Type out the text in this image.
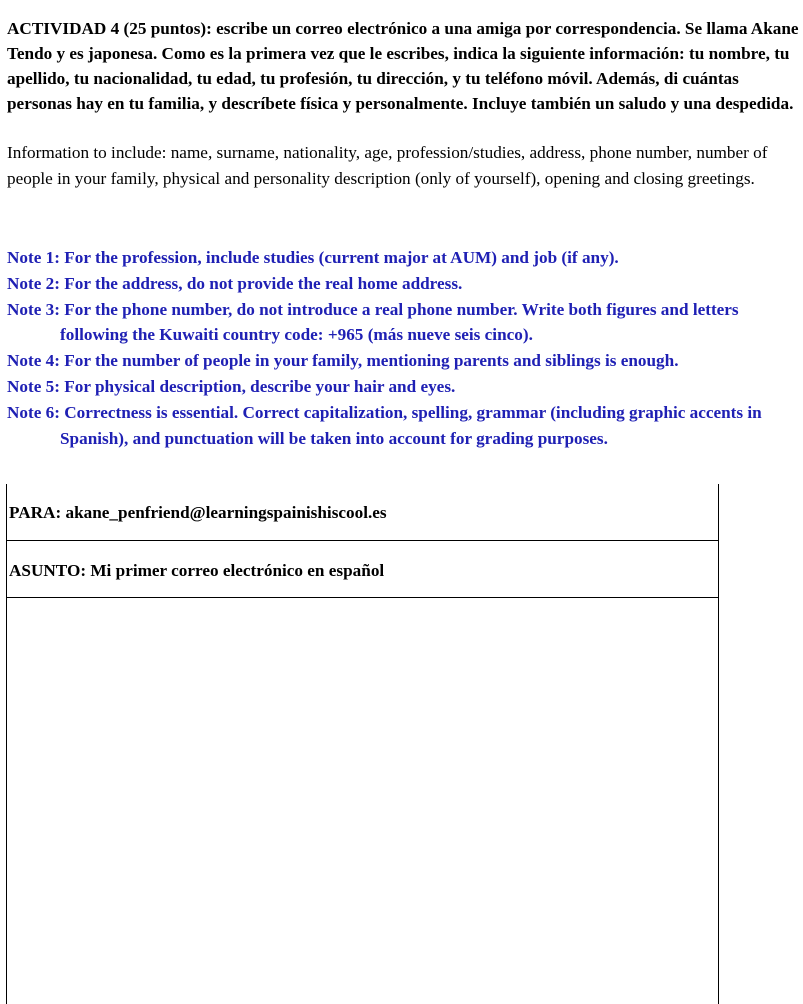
ACTIVIDAD 4 (25 puntos): escribe un correo electrónico a una amiga por correspondencia. Se llama Akane Tendo y es japonesa. Como es la primera vez que le escribes, indica la siguiente información: tu nombre, tu apellido, tu nacionalidad, tu edad, tu profesión, tu dirección, y tu teléfono móvil. Además, di cuántas personas hay en tu familia, y descríbete física y personalmente. Incluye también un saludo y una despedida.

Information to include: name, surname, nationality, age, profession/studies, address, phone number, number of people in your family, physical and personality description (only of yourself), opening and closing greetings.

Note 1: For the profession, include studies (current major at AUM) and job (if any).
Note 2: For the address, do not provide the real home address.
Note 3: For the phone number, do not introduce a real phone number. Write both figures and letters following the Kuwaiti country code: +965 (más nueve seis cinco).
Note 4: For the number of people in your family, mentioning parents and siblings is enough.
Note 5: For physical description, describe your hair and eyes.
Note 6: Correctness is essential. Correct capitalization, spelling, grammar (including graphic accents in Spanish), and punctuation will be taken into account for grading purposes.
PARA: akane_penfriend@learningspainishiscool.es
ASUNTO: Mi primer correo electrónico en español
